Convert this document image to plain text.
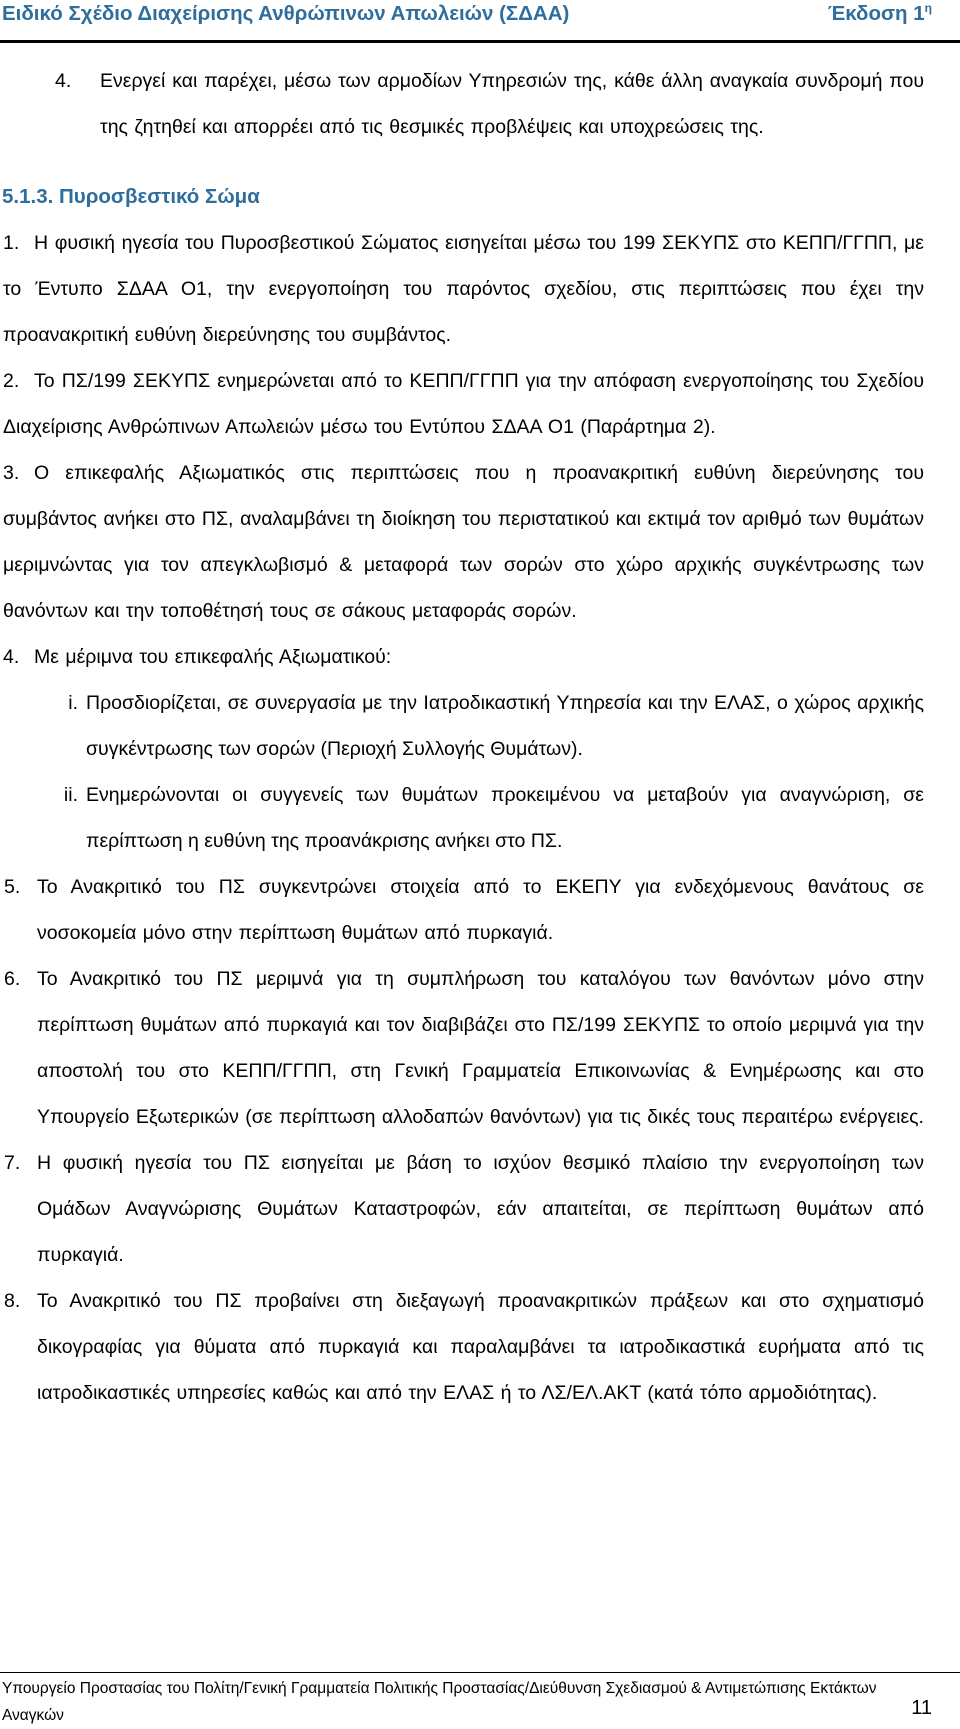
Ειδικό Σχέδιο Διαχείρισης Ανθρώπινων Απωλειών (ΣΔΑΑ)	Έκδοση $1^\eta$
4.	Ενεργεί και παρέχει, μέσω των αρμοδίων Υπηρεσιών της, κάθε άλλη αναγκαία συνδρομή που της ζητηθεί και απορρέει από τις θεσμικές προβλέψεις και υποχρεώσεις της.
5.1.3. Πυροσβεστικό Σώμα
1. Η φυσική ηγεσία του Πυροσβεστικού Σώματος εισηγείται μέσω του 199 ΣΕΚΥΠΣ στο ΚΕΠΠ/ΓΓΠΠ, με το Έντυπο ΣΔΑΑ Ο1, την ενεργοποίηση του παρόντος σχεδίου, στις περιπτώσεις που έχει την προανακριτική ευθύνη διερεύνησης του συμβάντος.
2. Το ΠΣ/199 ΣΕΚΥΠΣ ενημερώνεται από το ΚΕΠΠ/ΓΓΠΠ για την απόφαση ενεργοποίησης του Σχεδίου Διαχείρισης Ανθρώπινων Απωλειών μέσω του Εντύπου ΣΔΑΑ Ο1 (Παράρτημα 2).
3. Ο επικεφαλής Αξιωματικός στις περιπτώσεις που η προανακριτική ευθύνη διερεύνησης του συμβάντος ανήκει στο ΠΣ, αναλαμβάνει τη διοίκηση του περιστατικού και εκτιμά τον αριθμό των θυμάτων μεριμνώντας για τον απεγκλωβισμό & μεταφορά των σορών στο χώρο αρχικής συγκέντρωσης των θανόντων και την τοποθέτησή τους σε σάκους μεταφοράς σορών.
4. Με μέριμνα του επικεφαλής Αξιωματικού:
i. Προσδιορίζεται, σε συνεργασία με την Ιατροδικαστική Υπηρεσία και την ΕΛΑΣ, ο χώρος αρχικής συγκέντρωσης των σορών (Περιοχή Συλλογής Θυμάτων).
ii. Ενημερώνονται οι συγγενείς των θυμάτων προκειμένου να μεταβούν για αναγνώριση, σε περίπτωση η ευθύνη της προανάκρισης ανήκει στο ΠΣ.
5. Το Ανακριτικό του ΠΣ συγκεντρώνει στοιχεία από το ΕΚΕΠΥ για ενδεχόμενους θανάτους σε νοσοκομεία μόνο στην περίπτωση θυμάτων από πυρκαγιά.
6. Το Ανακριτικό του ΠΣ μεριμνά για τη συμπλήρωση του καταλόγου των θανόντων μόνο στην περίπτωση θυμάτων από πυρκαγιά και τον διαβιβάζει στο ΠΣ/199 ΣΕΚΥΠΣ το οποίο μεριμνά για την αποστολή του στο ΚΕΠΠ/ΓΓΠΠ, στη Γενική Γραμματεία Επικοινωνίας & Ενημέρωσης και στο Υπουργείο Εξωτερικών (σε περίπτωση αλλοδαπών θανόντων) για τις δικές τους περαιτέρω ενέργειες.
7. Η φυσική ηγεσία του ΠΣ εισηγείται με βάση το ισχύον θεσμικό πλαίσιο την ενεργοποίηση των Ομάδων Αναγνώρισης Θυμάτων Καταστροφών, εάν απαιτείται, σε περίπτωση θυμάτων από πυρκαγιά.
8. Το Ανακριτικό του ΠΣ προβαίνει στη διεξαγωγή προανακριτικών πράξεων και στο σχηματισμό δικογραφίας για θύματα από πυρκαγιά και παραλαμβάνει τα ιατροδικαστικά ευρήματα από τις ιατροδικαστικές υπηρεσίες καθώς και από την ΕΛΑΣ ή το ΛΣ/ΕΛ.ΑΚΤ (κατά τόπο αρμοδιότητας).
Υπουργείο Προστασίας του Πολίτη/Γενική Γραμματεία Πολιτικής Προστασίας/Διεύθυνση Σχεδιασμού & Αντιμετώπισης Εκτάκτων
Αναγκών	11
